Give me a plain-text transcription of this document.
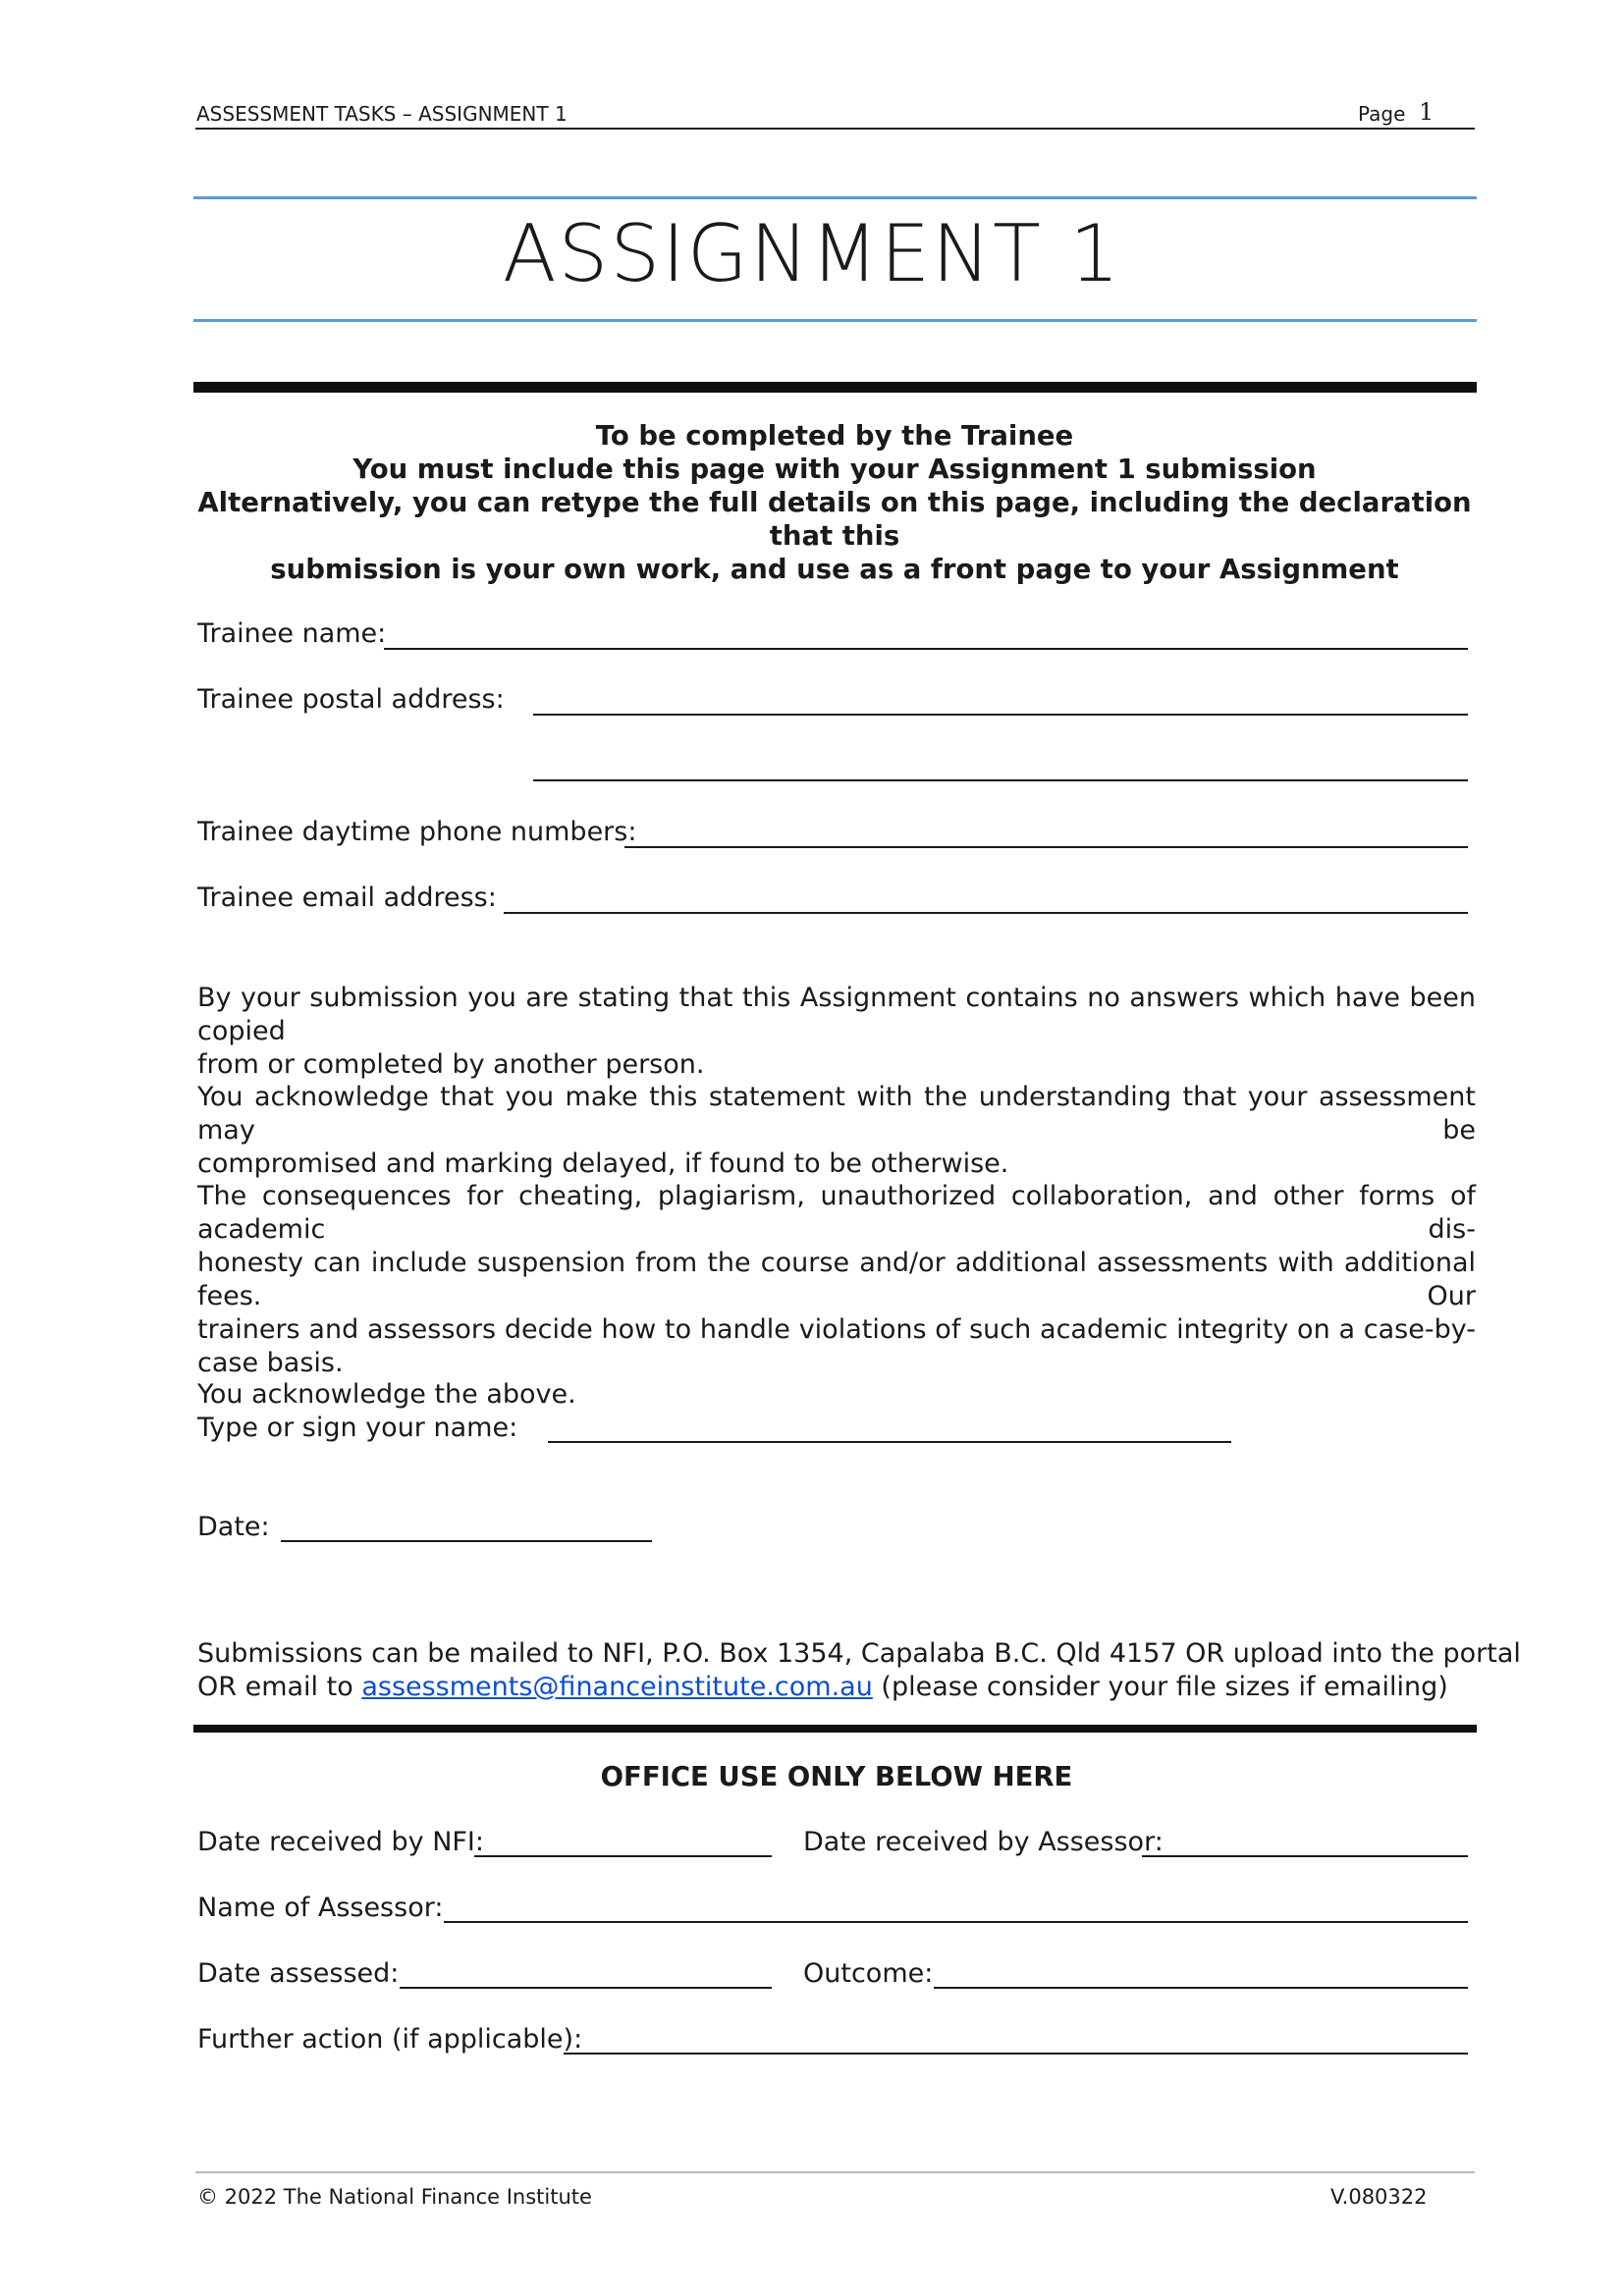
ASSESSMENT TASKS – ASSIGNMENT 1	Page 1
ASSIGNMENT 1
To be completed by the Trainee
You must include this page with your Assignment 1 submission
Alternatively, you can retype the full details on this page, including the declaration that this
submission is your own work, and use as a front page to your Assignment
Trainee name:
Trainee postal address:
Trainee daytime phone numbers:
Trainee email address:
By your submission you are stating that this Assignment contains no answers which have been copied
from or completed by another person.
You acknowledge that you make this statement with the understanding that your assessment may be
compromised and marking delayed, if found to be otherwise.
The consequences for cheating, plagiarism, unauthorized collaboration, and other forms of academic dis-
honesty can include suspension from the course and/or additional assessments with additional fees. Our
trainers and assessors decide how to handle violations of such academic integrity on a case-by-case basis.
You acknowledge the above.
Type or sign your name:
Date:
Submissions can be mailed to NFI, P.O. Box 1354, Capalaba B.C. Qld 4157 OR upload into the portal
OR email to assessments@financeinstitute.com.au (please consider your file sizes if emailing)
OFFICE USE ONLY BELOW HERE
Date received by NFI:	Date received by Assessor:
Name of Assessor:
Date assessed:	Outcome:
Further action (if applicable):
© 2022 The National Finance Institute	V.080322
